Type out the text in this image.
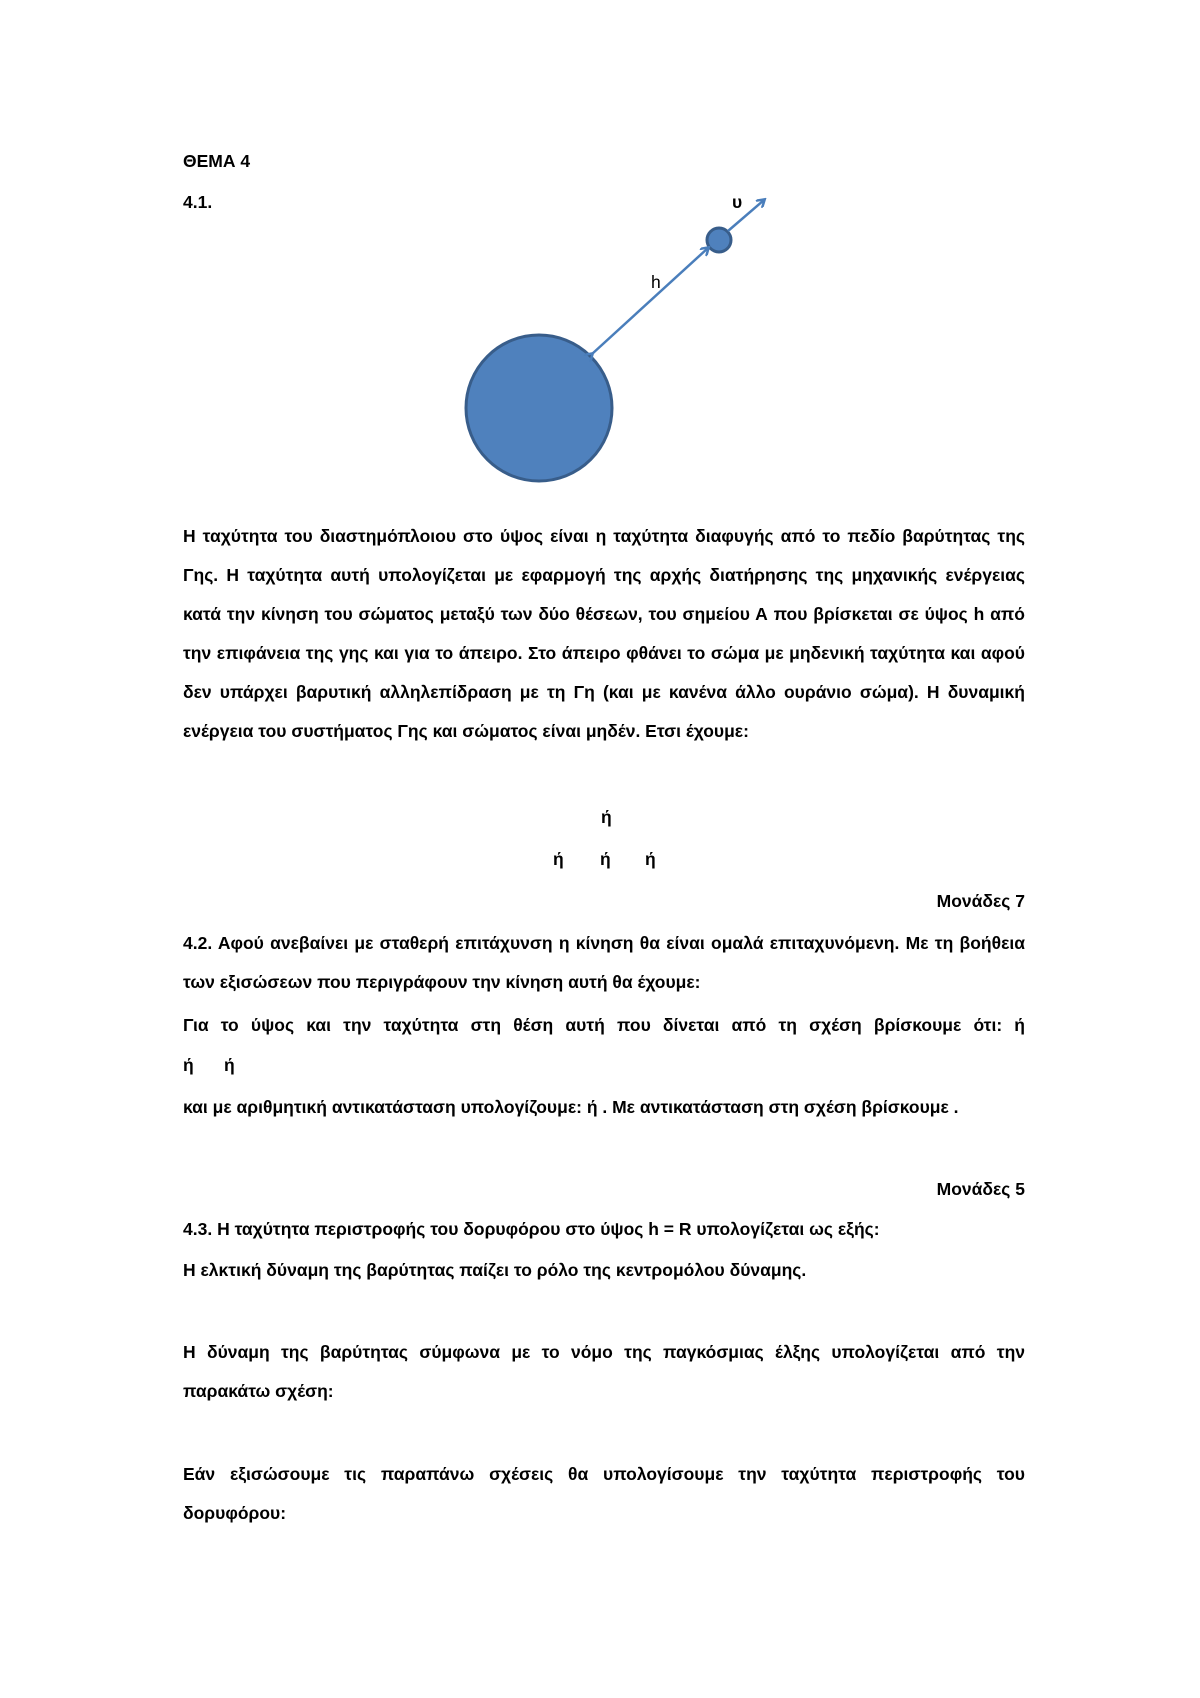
ΘΕΜΑ 4
4.1.	υ
h
Η ταχύτητα του διαστημόπλοιου στο ύψος είναι η ταχύτητα διαφυγής από το πεδίο βαρύτητας της Γης. Η ταχύτητα αυτή υπολογίζεται με εφαρμογή της αρχής διατήρησης της μηχανικής ενέργειας κατά την κίνηση του σώματος μεταξύ των δύο θέσεων, του σημείου Α που βρίσκεται σε ύψος h από την επιφάνεια της γης και για το άπειρο. Στο άπειρο φθάνει το σώμα με μηδενική ταχύτητα και αφού δεν υπάρχει βαρυτική αλληλεπίδραση με τη Γη (και με κανένα άλλο ουράνιο σώμα). Η δυναμική ενέργεια του συστήματος Γης και σώματος είναι μηδέν. Ετσι έχουμε:
ή
ή ή ή
Μονάδες 7
4.2. Αφού ανεβαίνει με σταθερή επιτάχυνση η κίνηση θα είναι ομαλά επιταχυνόμενη. Με τη βοήθεια των εξισώσεων που περιγράφουν την κίνηση αυτή θα έχουμε:
Για το ύψος και την ταχύτητα στη θέση αυτή που δίνεται από τη σχέση βρίσκουμε ότι: ή
ή ή
και με αριθμητική αντικατάσταση υπολογίζουμε: ή . Με αντικατάσταση στη σχέση βρίσκουμε .
Μονάδες 5
4.3. Η ταχύτητα περιστροφής του δορυφόρου στο ύψος h = R υπολογίζεται ως εξής:
Η ελκτική δύναμη της βαρύτητας παίζει το ρόλο της κεντρομόλου δύναμης.
Η δύναμη της βαρύτητας σύμφωνα με το νόμο της παγκόσμιας έλξης υπολογίζεται από την παρακάτω σχέση:
Εάν εξισώσουμε τις παραπάνω σχέσεις θα υπολογίσουμε την ταχύτητα περιστροφής του δορυφόρου:
